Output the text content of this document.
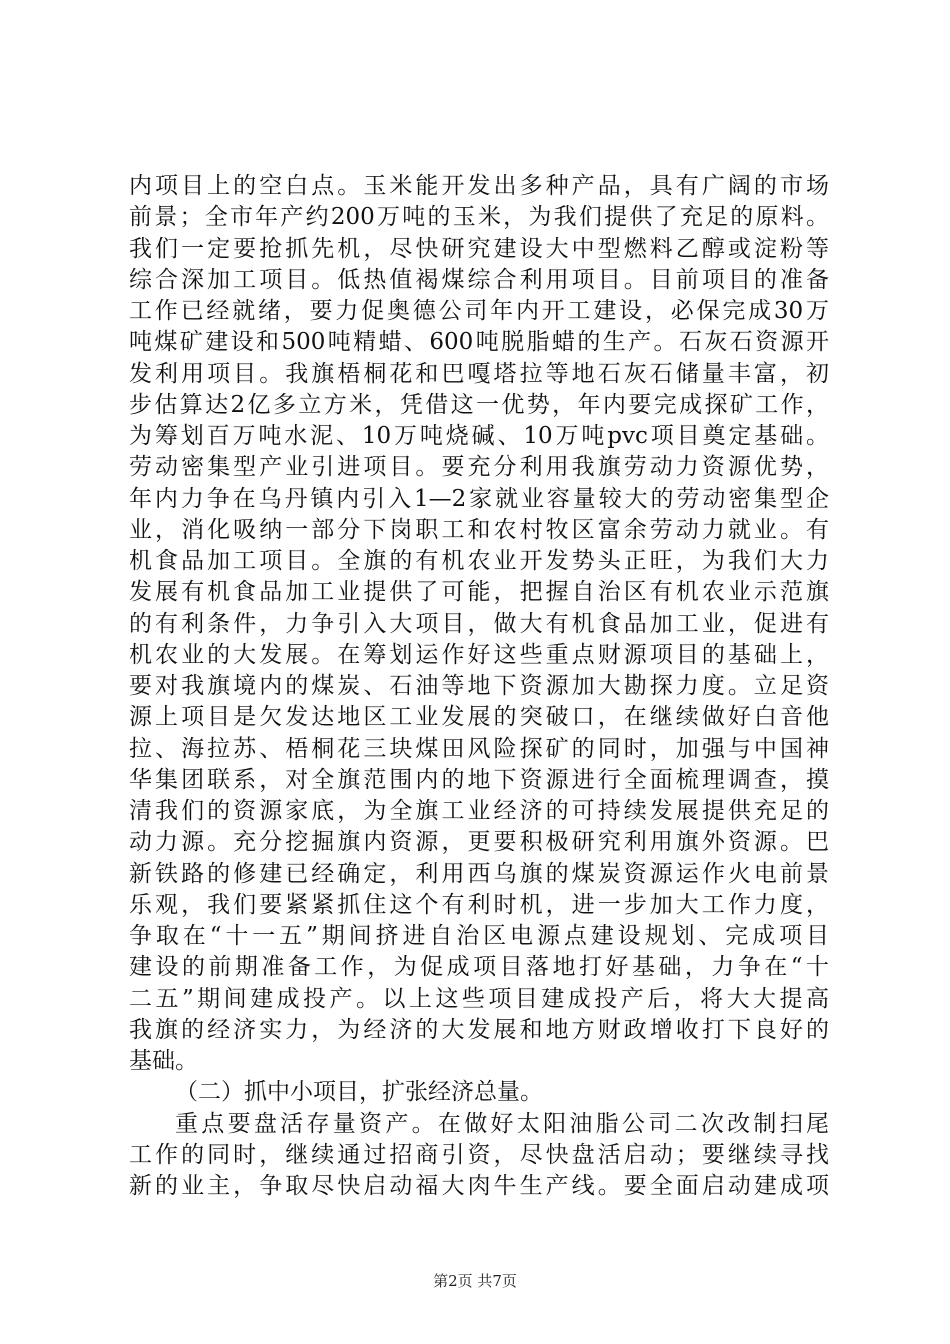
内项目上的空白点。玉米能开发出多种产品，具有广阔的市场
前景；全市年产约200万吨的玉米，为我们提供了充足的原料。
我们一定要抢抓先机，尽快研究建设大中型燃料乙醇或淀粉等
综合深加工项目。低热值褐煤综合利用项目。目前项目的准备
工作已经就绪，要力促奥德公司年内开工建设，必保完成30万
吨煤矿建设和500吨精蜡、600吨脱脂蜡的生产。石灰石资源开
发利用项目。我旗梧桐花和巴嘎塔拉等地石灰石储量丰富，初
步估算达2亿多立方米，凭借这一优势，年内要完成探矿工作，
为筹划百万吨水泥、10万吨烧碱、10万吨pvc项目奠定基础。
劳动密集型产业引进项目。要充分利用我旗劳动力资源优势，
年内力争在乌丹镇内引入1—2家就业容量较大的劳动密集型企
业，消化吸纳一部分下岗职工和农村牧区富余劳动力就业。有
机食品加工项目。全旗的有机农业开发势头正旺，为我们大力
发展有机食品加工业提供了可能，把握自治区有机农业示范旗
的有利条件，力争引入大项目，做大有机食品加工业，促进有
机农业的大发展。在筹划运作好这些重点财源项目的基础上，
要对我旗境内的煤炭、石油等地下资源加大勘探力度。立足资
源上项目是欠发达地区工业发展的突破口，在继续做好白音他
拉、海拉苏、梧桐花三块煤田风险探矿的同时，加强与中国神
华集团联系，对全旗范围内的地下资源进行全面梳理调查，摸
清我们的资源家底，为全旗工业经济的可持续发展提供充足的
动力源。充分挖掘旗内资源，更要积极研究利用旗外资源。巴
新铁路的修建已经确定，利用西乌旗的煤炭资源运作火电前景
乐观，我们要紧紧抓住这个有利时机，进一步加大工作力度，
争取在“十一五”期间挤进自治区电源点建设规划、完成项目
建设的前期准备工作，为促成项目落地打好基础，力争在“十
二五”期间建成投产。以上这些项目建成投产后，将大大提高
我旗的经济实力，为经济的大发展和地方财政增收打下良好的
基础。
（二）抓中小项目，扩张经济总量。
重点要盘活存量资产。在做好太阳油脂公司二次改制扫尾
工作的同时，继续通过招商引资，尽快盘活启动；要继续寻找
新的业主，争取尽快启动福大肉牛生产线。要全面启动建成项
第2页 共7页
